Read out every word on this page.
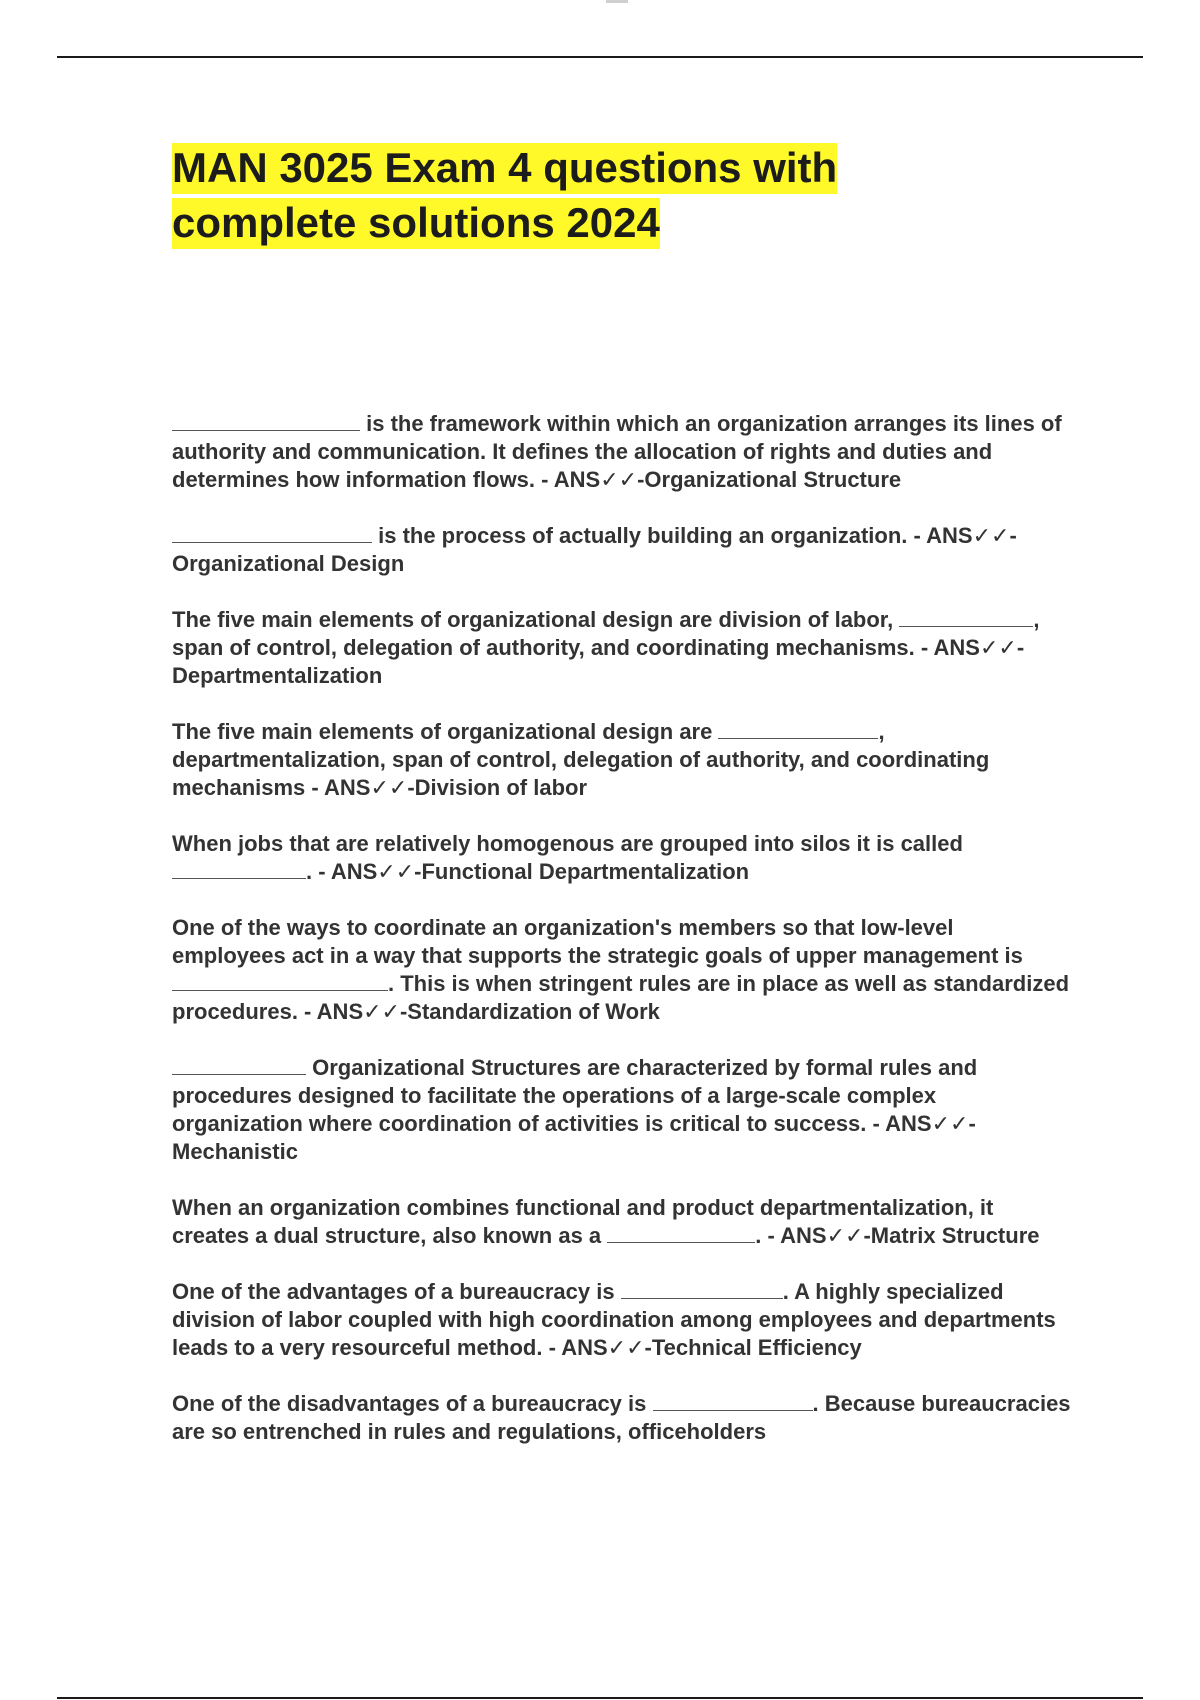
MAN 3025 Exam 4 questions with
complete solutions 2024

is the framework within which an organization arranges its lines of authority and communication. It defines the allocation of rights and duties and determines how information flows. - ANS✓✓-Organizational Structure

is the process of actually building an organization. - ANS✓✓-Organizational Design

The five main elements of organizational design are division of labor,	, span of control, delegation of authority, and coordinating mechanisms. - ANS✓✓-Departmentalization

The five main elements of organizational design are	, departmentalization, span of control, delegation of authority, and coordinating mechanisms - ANS✓✓-Division of labor

When jobs that are relatively homogenous are grouped into silos it is called . - ANS✓✓-Functional Departmentalization

One of the ways to coordinate an organization's members so that low-level employees act in a way that supports the strategic goals of upper management is . This is when stringent rules are in place as well as standardized procedures. - ANS✓✓-Standardization of Work

Organizational Structures are characterized by formal rules and procedures designed to facilitate the operations of a large-scale complex organization where coordination of activities is critical to success. - ANS✓✓-Mechanistic

When an organization combines functional and product departmentalization, it creates a dual structure, also known as a	. - ANS✓✓-Matrix Structure

One of the advantages of a bureaucracy is	. A highly specialized division of labor coupled with high coordination among employees and departments leads to a very resourceful method. - ANS✓✓-Technical Efficiency

One of the disadvantages of a bureaucracy is	. Because bureaucracies are so entrenched in rules and regulations, officeholders
